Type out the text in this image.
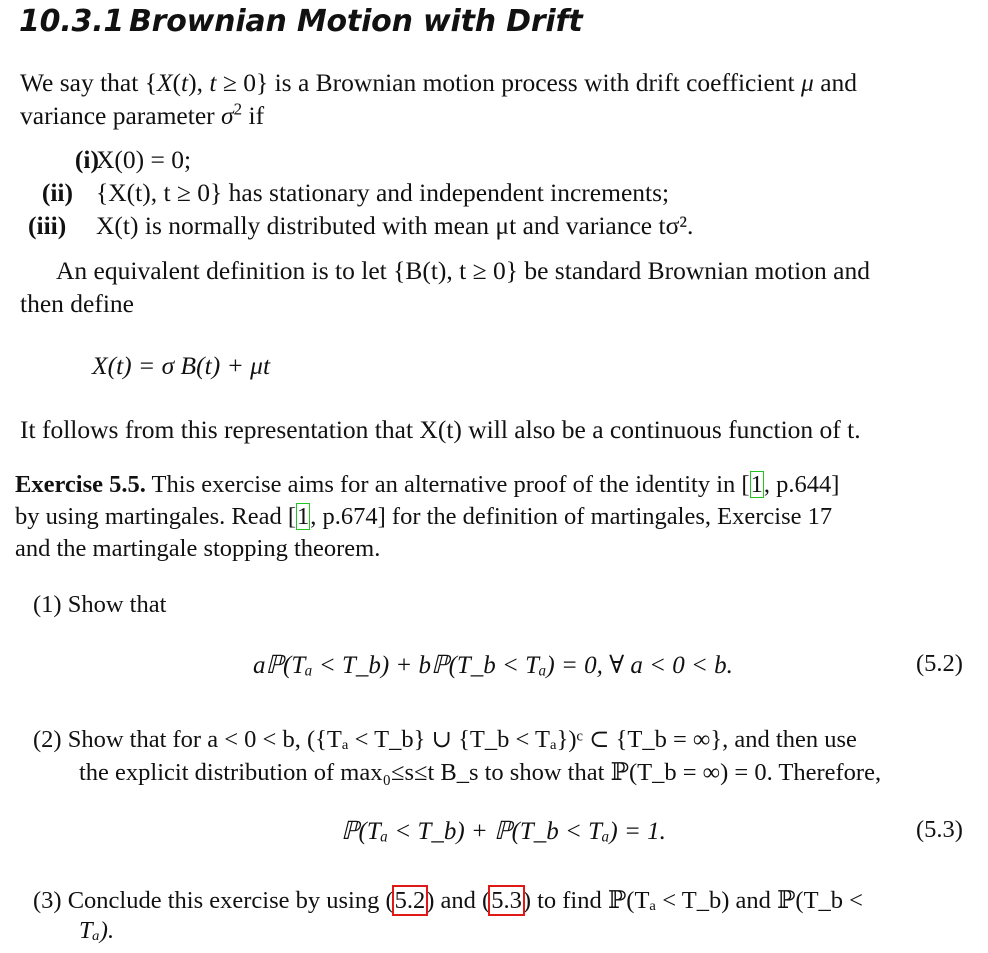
10.3.1 Brownian Motion with Drift
We say that {X(t), t ≥ 0} is a Brownian motion process with drift coefficient μ and
variance parameter $\sigma^2$ if
(i)
X(0) = 0;
(ii) {X(t), t ≥ 0} has stationary and independent increments;
(iii) X(t) is normally distributed with mean μt and variance tσ².
An equivalent definition is to let {B(t), t ≥ 0} be standard Brownian motion and
then define
X(t) = σ B(t) + μt
It follows from this representation that X(t) will also be a continuous function of t.
Exercise 5.5. This exercise aims for an alternative proof of the identity in [1, p.644]
by using martingales. Read [1, p.674] for the definition of martingales, Exercise 17
and the martingale stopping theorem.
(1) Show that
aℙ(Tₐ < T_b) + bℙ(T_b < Tₐ) = 0, ∀ a < 0 < b.	(5.2)
(2) Show that for a < 0 < b, ({Tₐ < T_b} ∪ {T_b < Tₐ})ᶜ ⊂ {T_b = ∞}, and then use
the explicit distribution of max₀≤s≤t B_s to show that ℙ(T_b = ∞) = 0. Therefore,
ℙ(Tₐ < T_b) + ℙ(T_b < Tₐ) = 1.	(5.3)
(3) Conclude this exercise by using (5.2) and (5.3) to find ℙ(Tₐ < T_b) and ℙ(T_b <
Tₐ).
